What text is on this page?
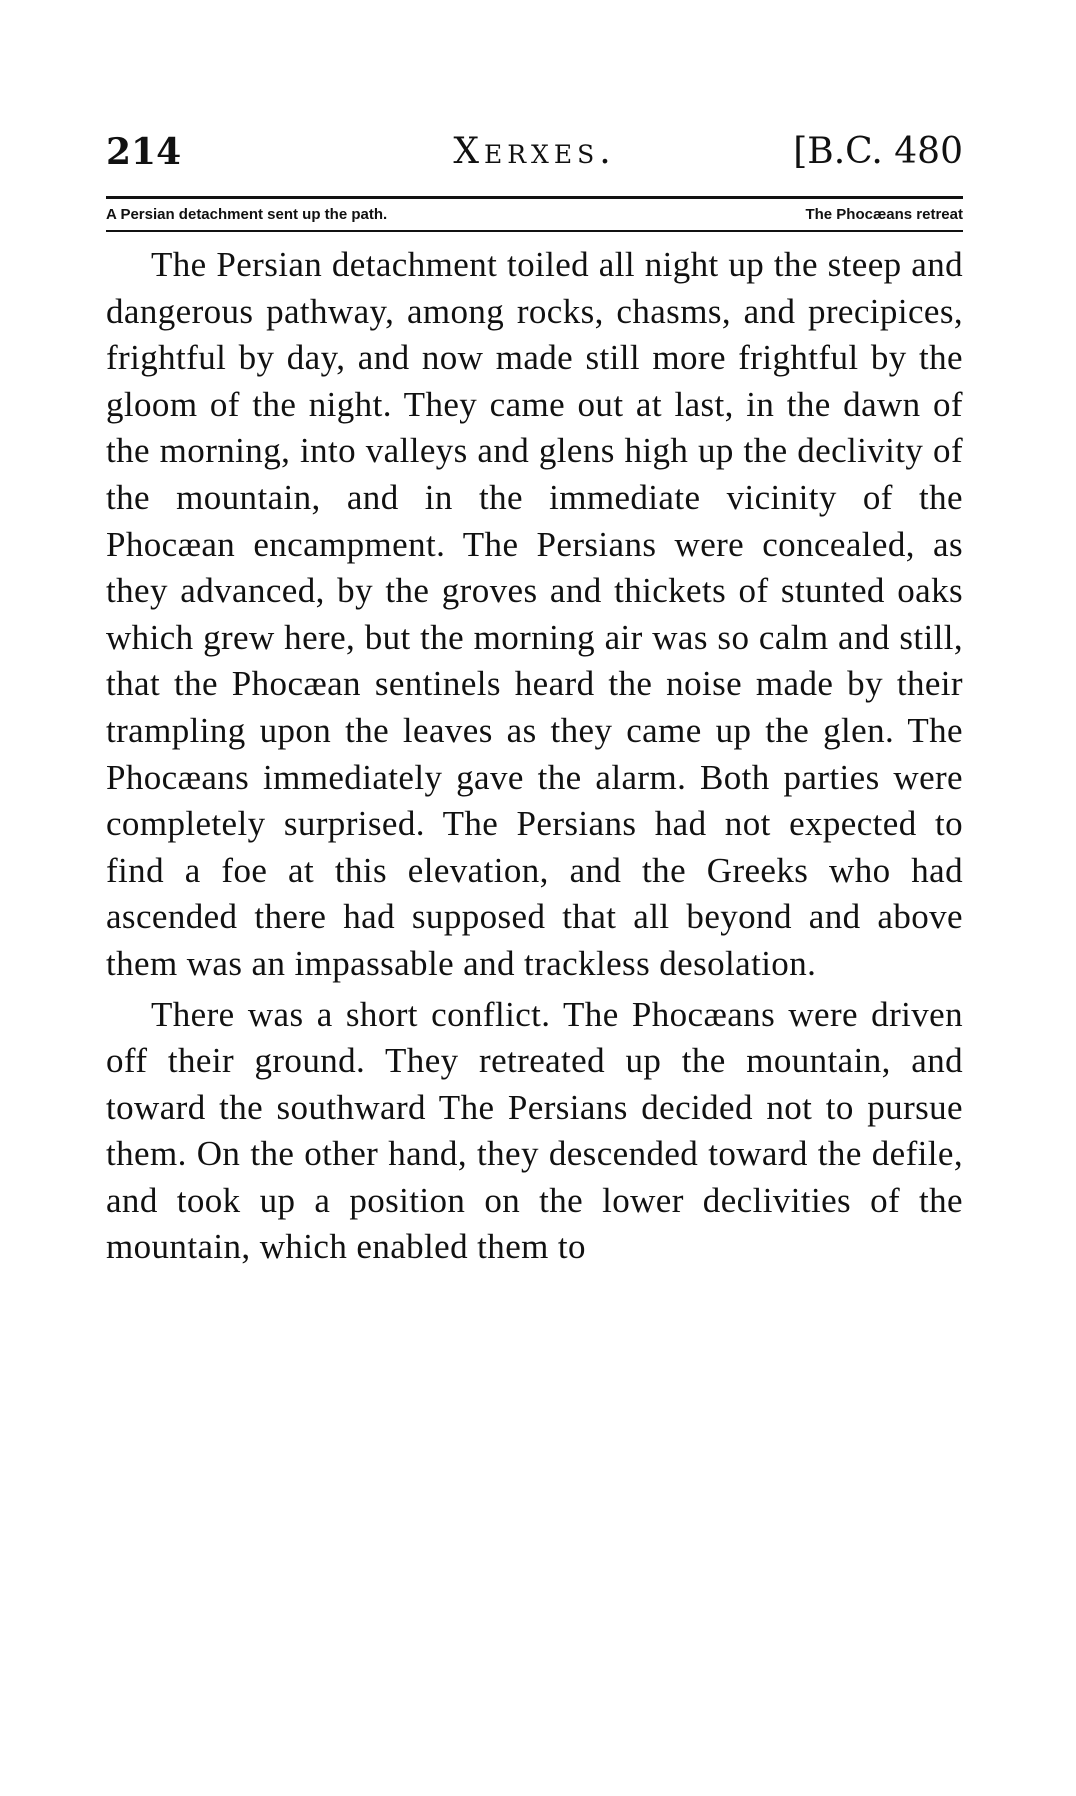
214	Xerxes.	[B.C. 480
A Persian detachment sent up the path.	The Phocæans retreat

The Persian detachment toiled all night up the steep and dangerous pathway, among rocks, chasms, and precipices, frightful by day, and now made still more frightful by the gloom of the night. They came out at last, in the dawn of the morning, into valleys and glens high up the declivity of the mountain, and in the immediate vicinity of the Phocæan encampment. The Persians were concealed, as they advanced, by the groves and thickets of stunted oaks which grew here, but the morning air was so calm and still, that the Phocæan sentinels heard the noise made by their trampling upon the leaves as they came up the glen. The Phocæans immediately gave the alarm. Both parties were completely surprised. The Persians had not expected to find a foe at this elevation, and the Greeks who had ascended there had supposed that all beyond and above them was an impassable and trackless desolation.

There was a short conflict. The Phocæans were driven off their ground. They retreated up the mountain, and toward the southward The Persians decided not to pursue them. On the other hand, they descended toward the defile, and took up a position on the lower declivities of the mountain, which enabled them to
